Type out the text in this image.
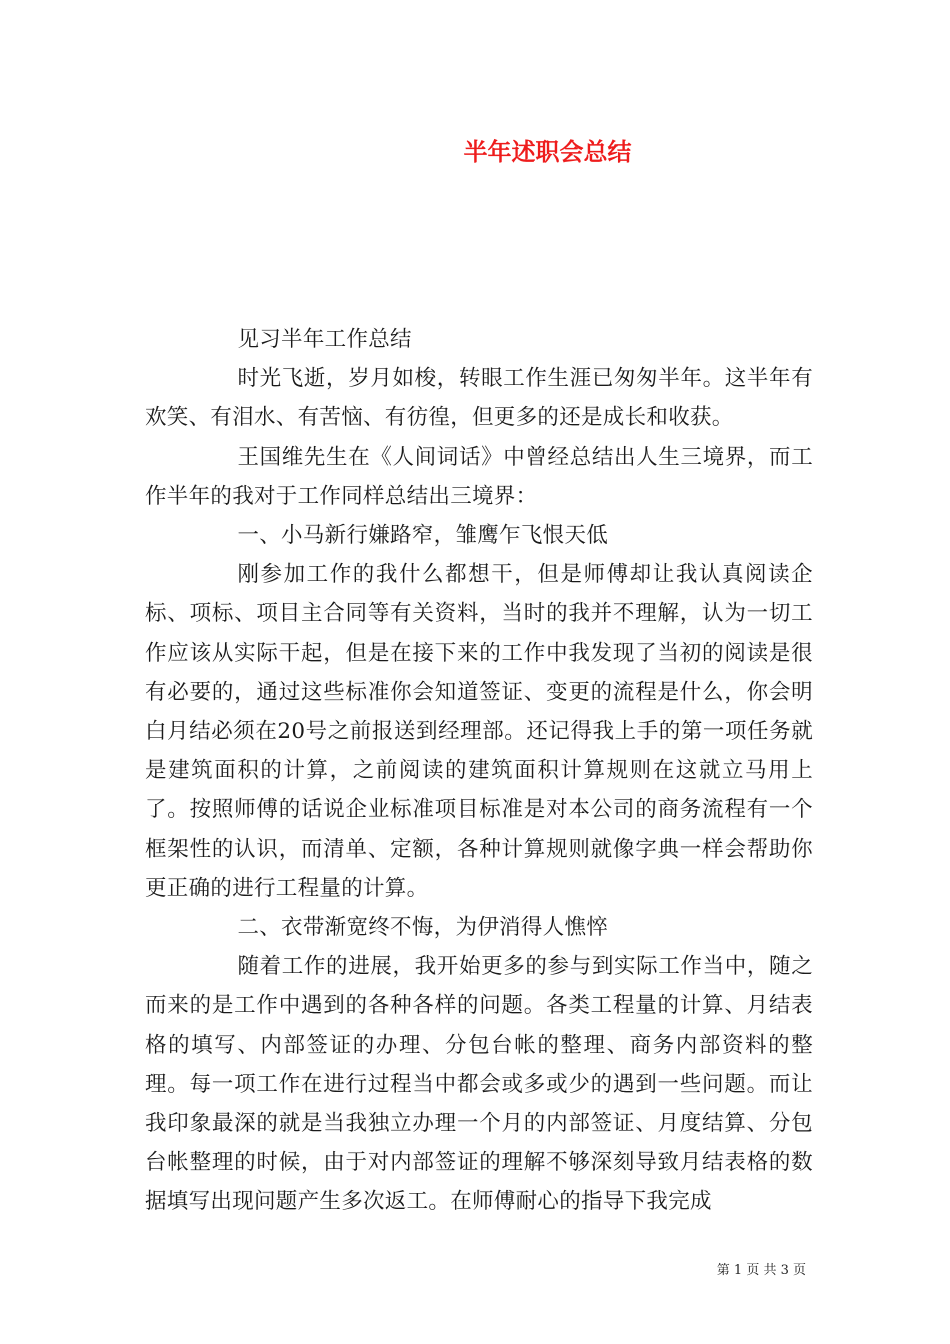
半年述职会总结

见习半年工作总结

时光飞逝，岁月如梭，转眼工作生涯已匆匆半年。这半年有欢笑、有泪水、有苦恼、有彷徨，但更多的还是成长和收获。

王国维先生在《人间词话》中曾经总结出人生三境界，而工作半年的我对于工作同样总结出三境界：

一、小马新行嫌路窄，雏鹰乍飞恨天低

刚参加工作的我什么都想干，但是师傅却让我认真阅读企标、项标、项目主合同等有关资料，当时的我并不理解，认为一切工作应该从实际干起，但是在接下来的工作中我发现了当初的阅读是很有必要的，通过这些标准你会知道签证、变更的流程是什么，你会明白月结必须在20号之前报送到经理部。还记得我上手的第一项任务就是建筑面积的计算，之前阅读的建筑面积计算规则在这就立马用上了。按照师傅的话说企业标准项目标准是对本公司的商务流程有一个框架性的认识，而清单、定额，各种计算规则就像字典一样会帮助你更正确的进行工程量的计算。

二、衣带渐宽终不悔，为伊消得人憔悴

随着工作的进展，我开始更多的参与到实际工作当中，随之而来的是工作中遇到的各种各样的问题。各类工程量的计算、月结表格的填写、内部签证的办理、分包台帐的整理、商务内部资料的整理。每一项工作在进行过程当中都会或多或少的遇到一些问题。而让我印象最深的就是当我独立办理一个月的内部签证、月度结算、分包台帐整理的时候，由于对内部签证的理解不够深刻导致月结表格的数据填写出现问题产生多次返工。在师傅耐心的指导下我完成

第 1 页 共 3 页
